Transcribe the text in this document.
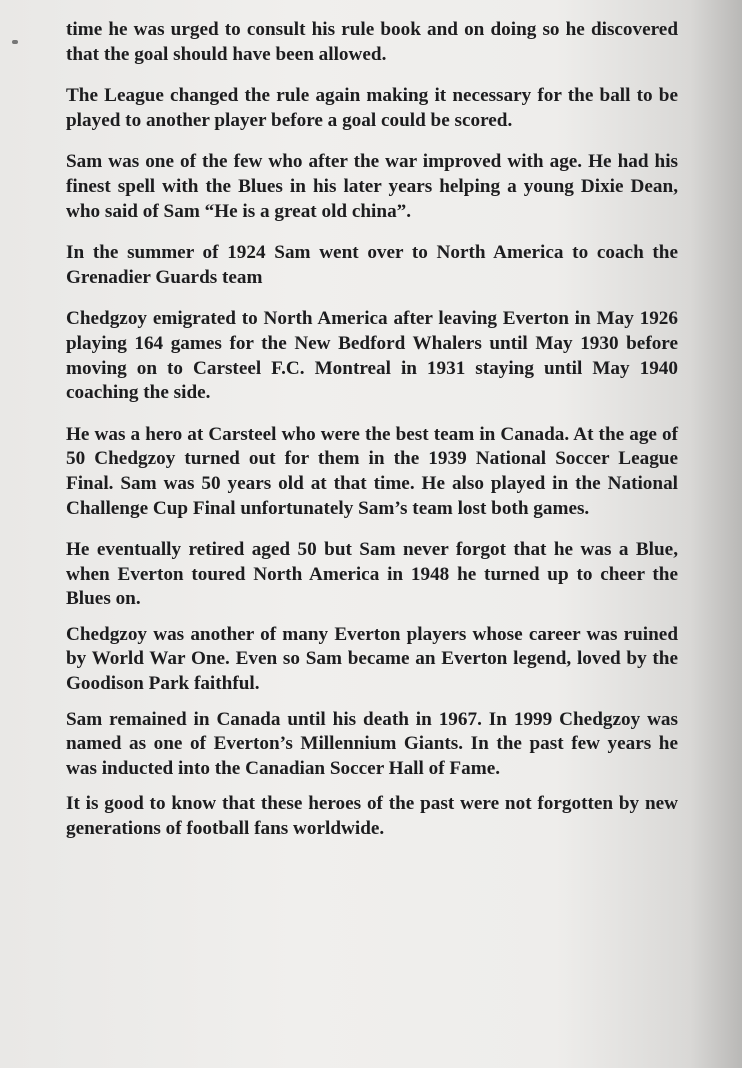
time he was urged to consult his rule book and on doing so he discovered that the goal should have been allowed.

The League changed the rule again making it necessary for the ball to be played to another player before a goal could be scored.

Sam was one of the few who after the war improved with age. He had his finest spell with the Blues in his later years helping a young Dixie Dean, who said of Sam “He is a great old china”.

In the summer of 1924 Sam went over to North America to coach the Grenadier Guards team

Chedgzoy emigrated to North America after leaving Everton in May 1926 playing 164 games for the New Bedford Whalers until May 1930 before moving on to Carsteel F.C. Montreal in 1931 staying until May 1940 coaching the side.

He was a hero at Carsteel who were the best team in Canada. At the age of 50 Chedgzoy turned out for them in the 1939 National Soccer League Final. Sam was 50 years old at that time. He also played in the National Challenge Cup Final unfortunately Sam’s team lost both games.

He eventually retired aged 50 but Sam never forgot that he was a Blue, when Everton toured North America in 1948 he turned up to cheer the Blues on.

Chedgzoy was another of many Everton players whose career was ruined by World War One. Even so Sam became an Everton legend, loved by the Goodison Park faithful.

Sam remained in Canada until his death in 1967. In 1999 Chedgzoy was named as one of Everton’s Millennium Giants. In the past few years he was inducted into the Canadian Soccer Hall of Fame.

It is good to know that these heroes of the past were not forgotten by new generations of football fans worldwide.
